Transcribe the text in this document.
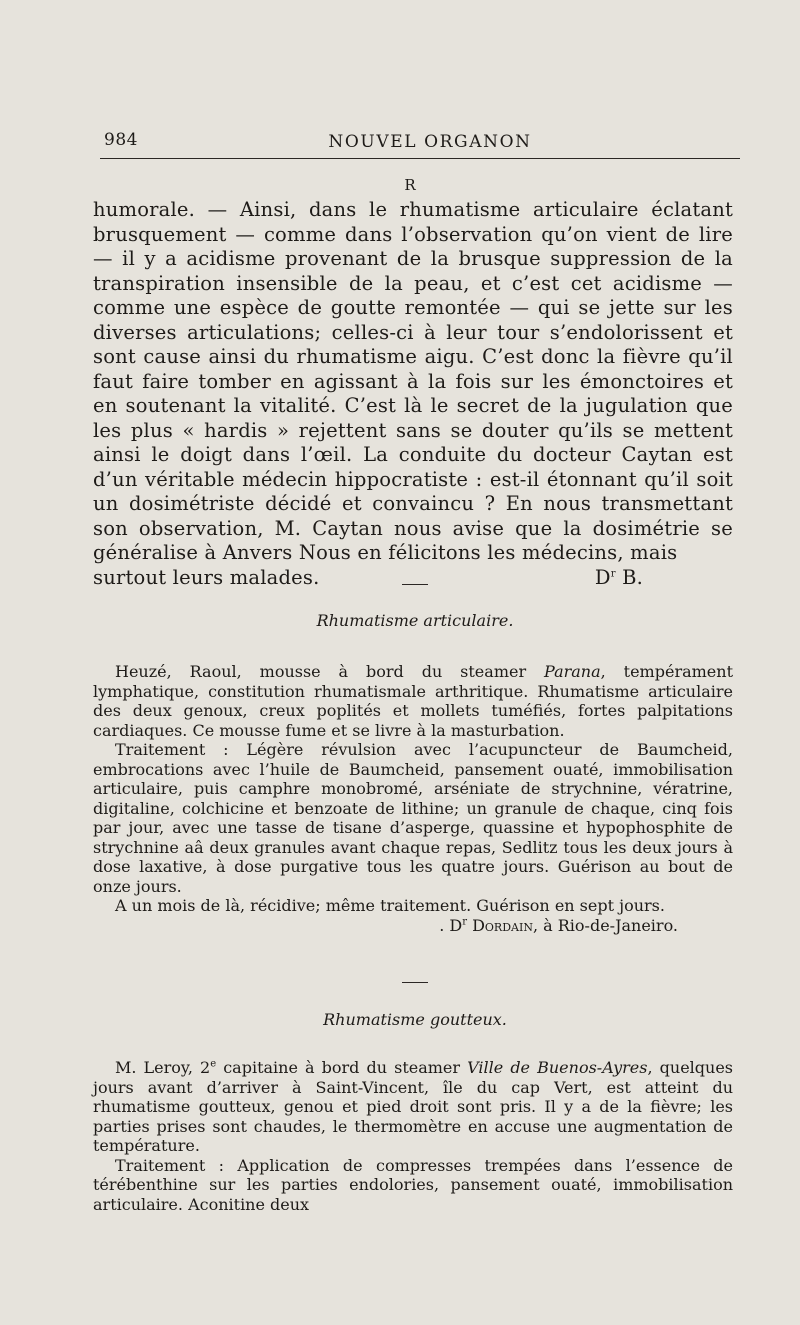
984	NOUVEL ORGANON
R

humorale. — Ainsi, dans le rhumatisme articulaire éclatant brusquement — comme dans l’observation qu’on vient de lire — il y a acidisme provenant de la brusque suppression de la transpiration insensible de la peau, et c’est cet acidisme — comme une espèce de goutte remontée — qui se jette sur les diverses articulations; celles-ci à leur tour s’endolorissent et sont cause ainsi du rhumatisme aigu. C’est donc la fièvre qu’il faut faire tomber en agissant à la fois sur les émonctoires et en soutenant la vitalité. C’est là le secret de la jugulation que les plus « hardis » rejettent sans se douter qu’ils se mettent ainsi le doigt dans l’œil. La conduite du docteur Caytan est d’un véritable médecin hippocratiste : est-il étonnant qu’il soit un dosimétriste décidé et convaincu ? En nous transmettant son observation, M. Caytan nous avise que la dosimétrie se généralise à Anvers Nous en félicitons les médecins, mais

surtout leurs malades.	$D^r$ B.

Rhumatisme articulaire.

Heuzé, Raoul, mousse à bord du steamer Parana, tempérament lymphatique, constitution rhumatismale arthritique. Rhumatisme articulaire des deux genoux, creux poplités et mollets tuméfiés, fortes palpitations cardiaques. Ce mousse fume et se livre à la masturbation.

Traitement : Légère révulsion avec l’acupuncteur de Baumcheid, embrocations avec l’huile de Baumcheid, pansement ouaté, immobilisation articulaire, puis camphre monobromé, arséniate de strychnine, vératrine, digitaline, colchicine et benzoate de lithine; un granule de chaque, cinq fois par jour, avec une tasse de tisane d’asperge, quassine et hypophosphite de strychnine aâ deux granules avant chaque repas, Sedlitz tous les deux jours à dose laxative, à dose purgative tous les quatre jours. Guérison au bout de onze jours.

A un mois de là, récidive; même traitement. Guérison en sept jours.

. $D^r$ Dordain, à Rio-de-Janeiro.

Rhumatisme goutteux.

M. Leroy, 2e capitaine à bord du steamer Ville de Buenos-Ayres, quelques jours avant d’arriver à Saint-Vincent, île du cap Vert, est atteint du rhumatisme goutteux, genou et pied droit sont pris. Il y a de la fièvre; les parties prises sont chaudes, le thermomètre en accuse une augmentation de température.

Traitement : Application de compresses trempées dans l’essence de térébenthine sur les parties endolories, pansement ouaté, immobilisation articulaire. Aconitine deux
